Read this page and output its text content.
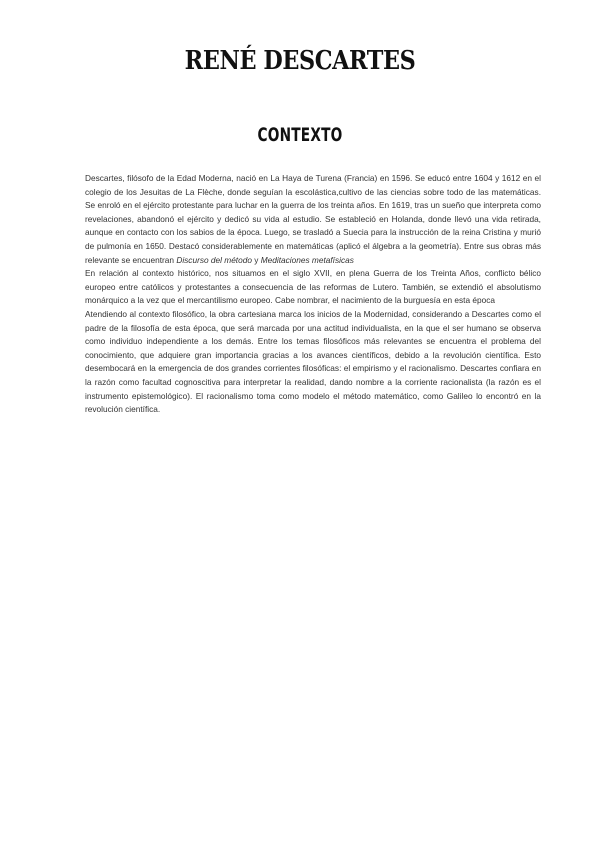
RENÉ DESCARTES
CONTEXTO

Descartes, filósofo de la Edad Moderna, nació en La Haya de Turena (Francia) en 1596. Se educó entre 1604 y 1612 en el colegio de los Jesuitas de La Flèche, donde seguían la escolástica,cultivo de las ciencias sobre todo de las matemáticas. Se enroló en el ejército protestante para luchar en la guerra de los treinta años. En 1619, tras un sueño que interpreta como revelaciones, abandonó el ejército y dedicó su vida al estudio. Se estableció en Holanda, donde llevó una vida retirada, aunque en contacto con los sabios de la época. Luego, se trasladó a Suecia para la instrucción de la reina Cristina y murió de pulmonía en 1650. Destacó considerablemente en matemáticas (aplicó el álgebra a la geometría). Entre sus obras más relevante se encuentran Discurso del método y Meditaciones metafísicas

En relación al contexto histórico, nos situamos en el siglo XVII, en plena Guerra de los Treinta Años, conflicto bélico europeo entre católicos y protestantes a consecuencia de las reformas de Lutero. También, se extendió el absolutismo monárquico a la vez que el mercantilismo europeo. Cabe nombrar, el nacimiento de la burguesía en esta época

Atendiendo al contexto filosófico, la obra cartesiana marca los inicios de la Modernidad, considerando a Descartes como el padre de la filosofía de esta época, que será marcada por una actitud individualista, en la que el ser humano se observa como individuo independiente a los demás. Entre los temas filosóficos más relevantes se encuentra el problema del conocimiento, que adquiere gran importancia gracias a los avances científicos, debido a la revolución científica. Esto desembocará en la emergencia de dos grandes corrientes filosóficas: el empirismo y el racionalismo. Descartes confiara en la razón como facultad cognoscitiva para interpretar la realidad, dando nombre a la corriente racionalista (la razón es el instrumento epistemológico). El racionalismo toma como modelo el método matemático, como Galileo lo encontró en la revolución científica.
